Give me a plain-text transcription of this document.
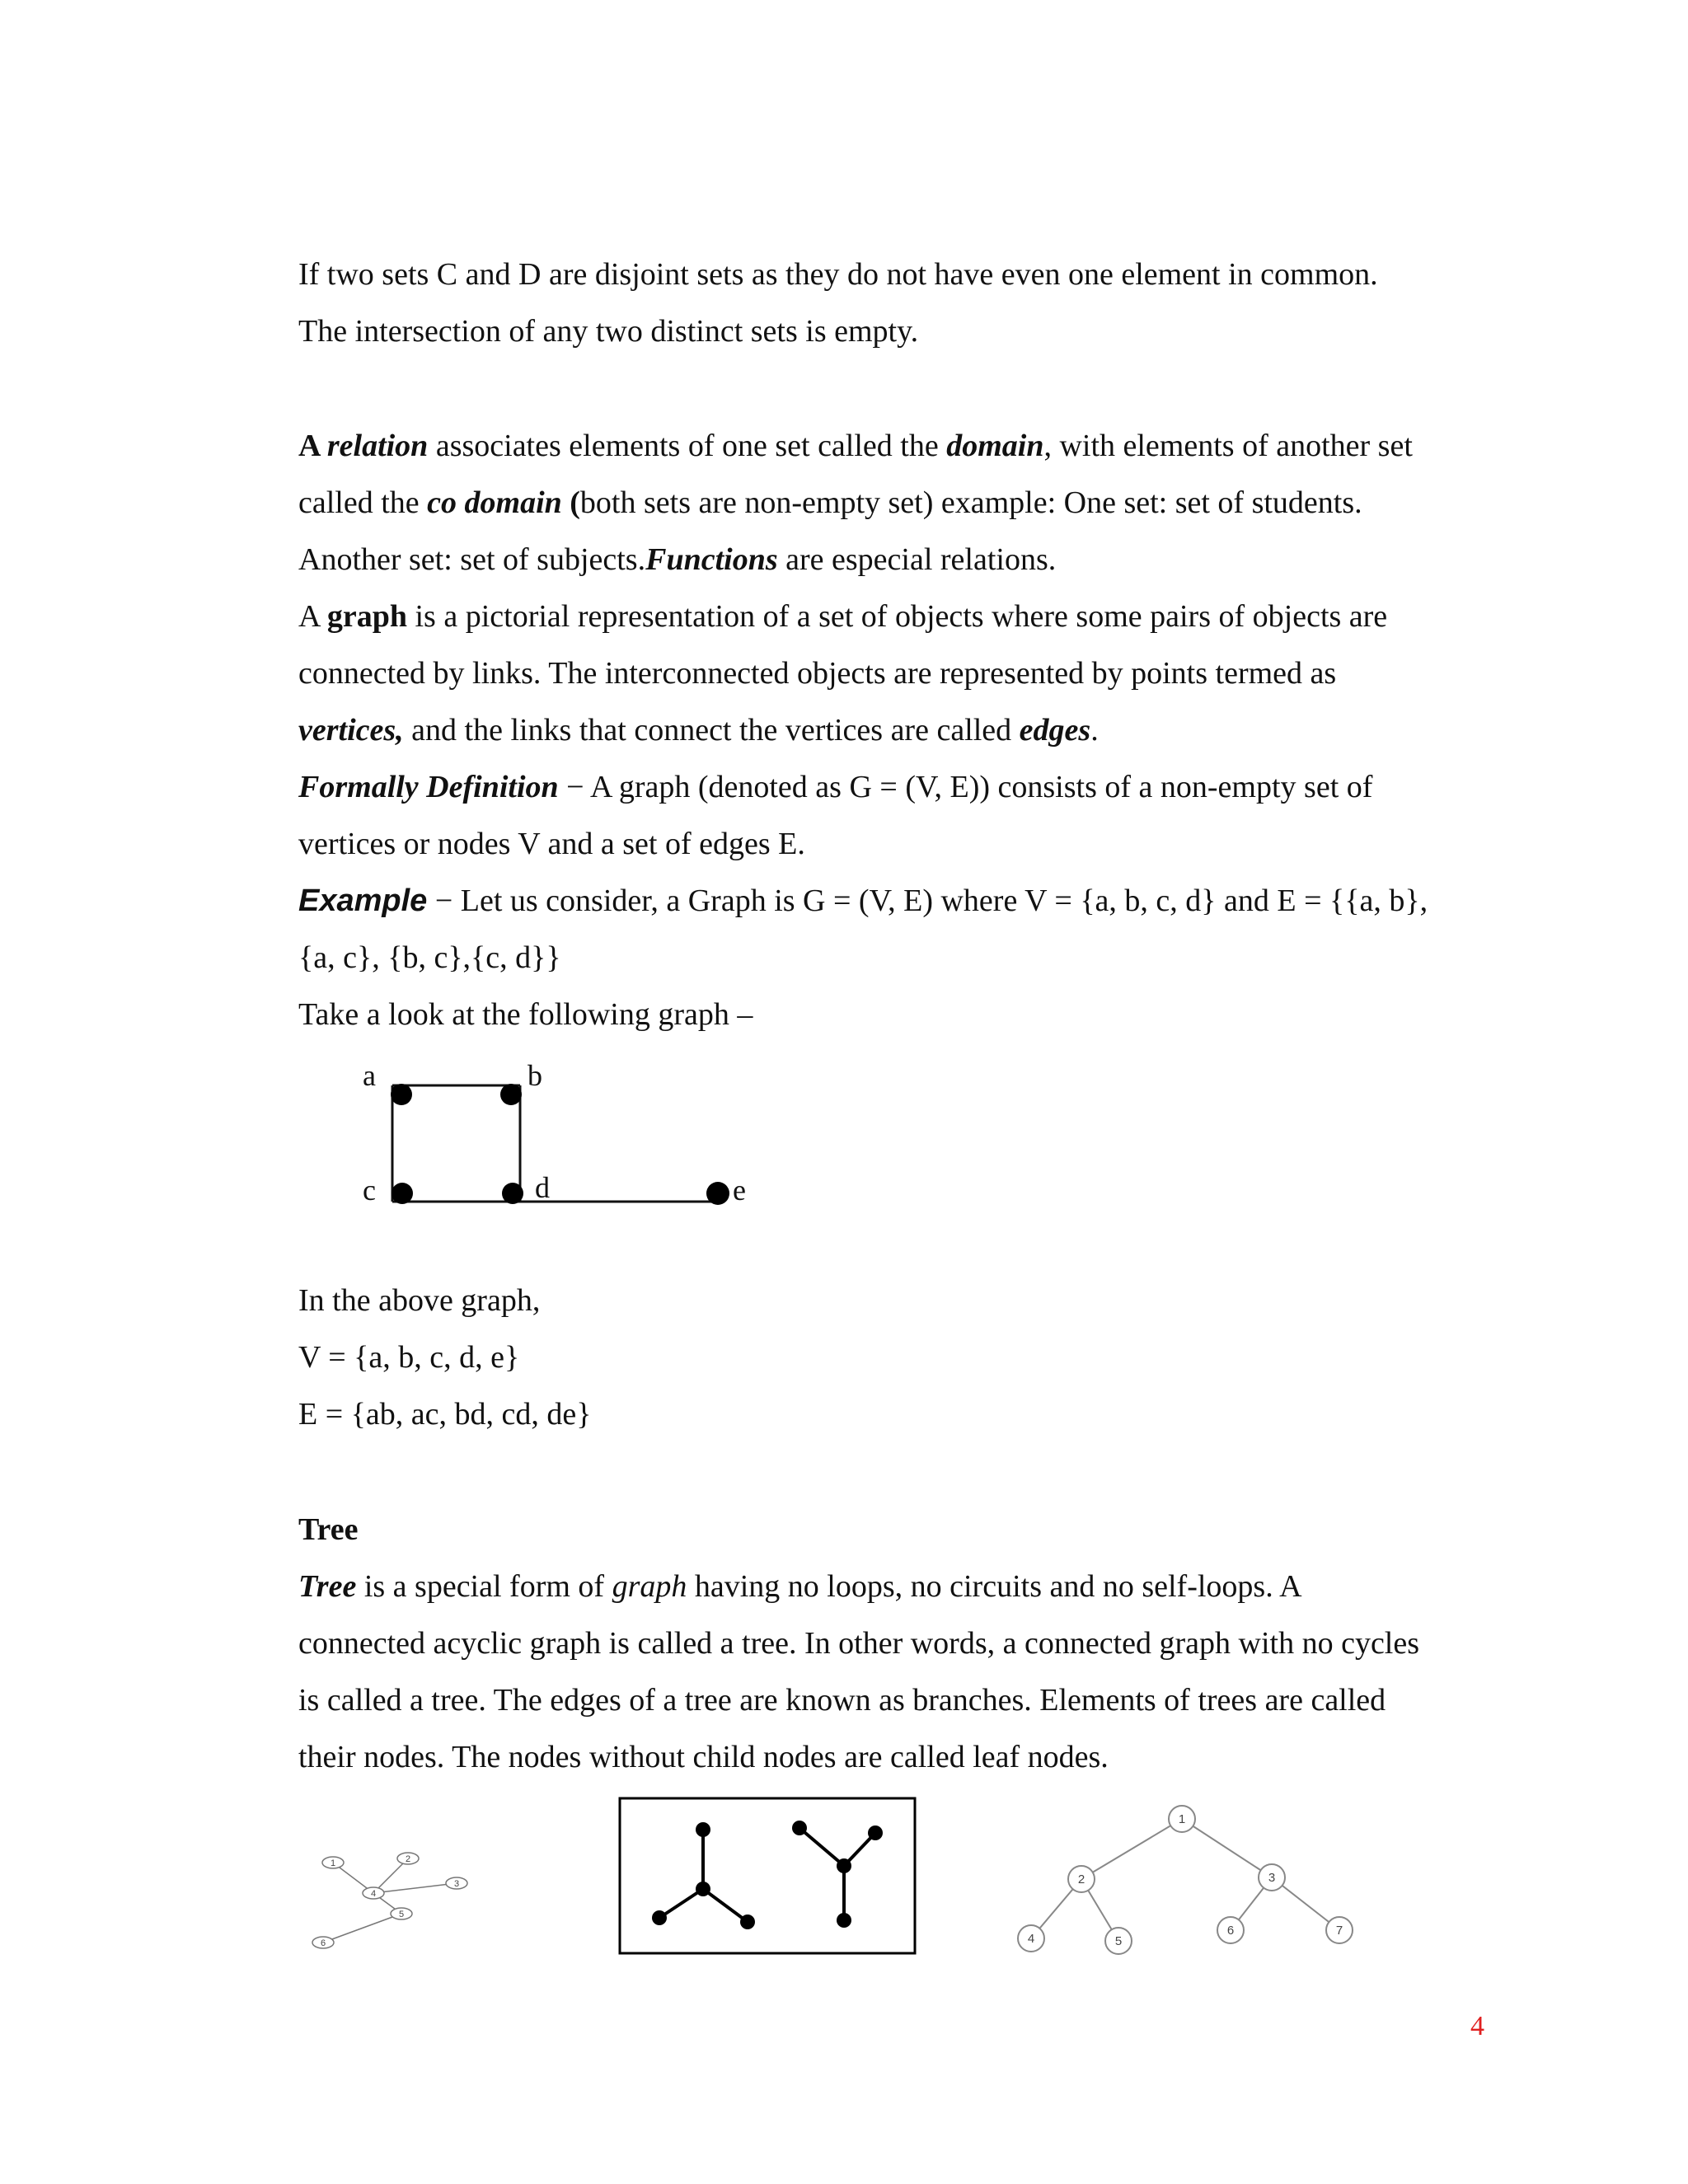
If two sets C and D are disjoint sets as they do not have even one element in common.
The intersection of any two distinct sets is empty.
A relation associates elements of one set called the domain, with elements of another set
called the co domain (both sets are non-empty set) example: One set: set of students.
Another set: set of subjects.Functions are especial relations.
A graph is a pictorial representation of a set of objects where some pairs of objects are
connected by links. The interconnected objects are represented by points termed as
vertices, and the links that connect the vertices are called edges.
Formally Definition − A graph (denoted as G = (V, E)) consists of a non-empty set of
vertices or nodes V and a set of edges E.
Example − Let us consider, a Graph is G = (V, E) where V = {a, b, c, d} and E = {{a, b},
{a, c}, {b, c},{c, d}}
Take a look at the following graph –
a	b
c	d	e
In the above graph,
V = {a, b, c, d, e}
E = {ab, ac, bd, cd, de}
Tree
Tree is a special form of graph having no loops, no circuits and no self-loops. A
connected acyclic graph is called a tree. In other words, a connected graph with no cycles
is called a tree. The edges of a tree are known as branches. Elements of trees are called
their nodes. The nodes without child nodes are called leaf nodes.
1	2
3
4
5
6
1
2	3
4	5
6	7
4
